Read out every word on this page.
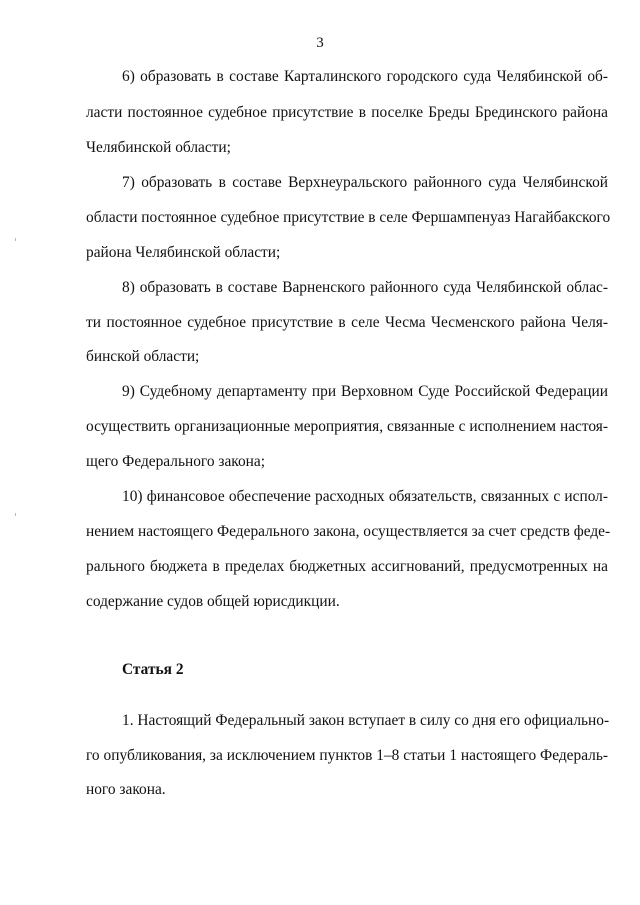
3
6) образовать в составе Карталинского городского суда Челябинской об-
ласти постоянное судебное присутствие в поселке Бреды Брединского района
Челябинской области;
7) образовать в составе Верхнеуральского районного суда Челябинской
области постоянное судебное присутствие в селе Фершампенуаз Нагайбакского
района Челябинской области;
8) образовать в составе Варненского районного суда Челябинской облас-
ти постоянное судебное присутствие в селе Чесма Чесменского района Челя-
бинской области;
9) Судебному департаменту при Верховном Суде Российской Федерации
осуществить организационные мероприятия, связанные с исполнением настоя-
щего Федерального закона;
10) финансовое обеспечение расходных обязательств, связанных с испол-
нением настоящего Федерального закона, осуществляется за счет средств феде-
рального бюджета в пределах бюджетных ассигнований, предусмотренных на
содержание судов общей юрисдикции.
Статья 2
1. Настоящий Федеральный закон вступает в силу со дня его официально-
го опубликования, за исключением пунктов 1–8 статьи 1 настоящего Федераль-
ного закона.
